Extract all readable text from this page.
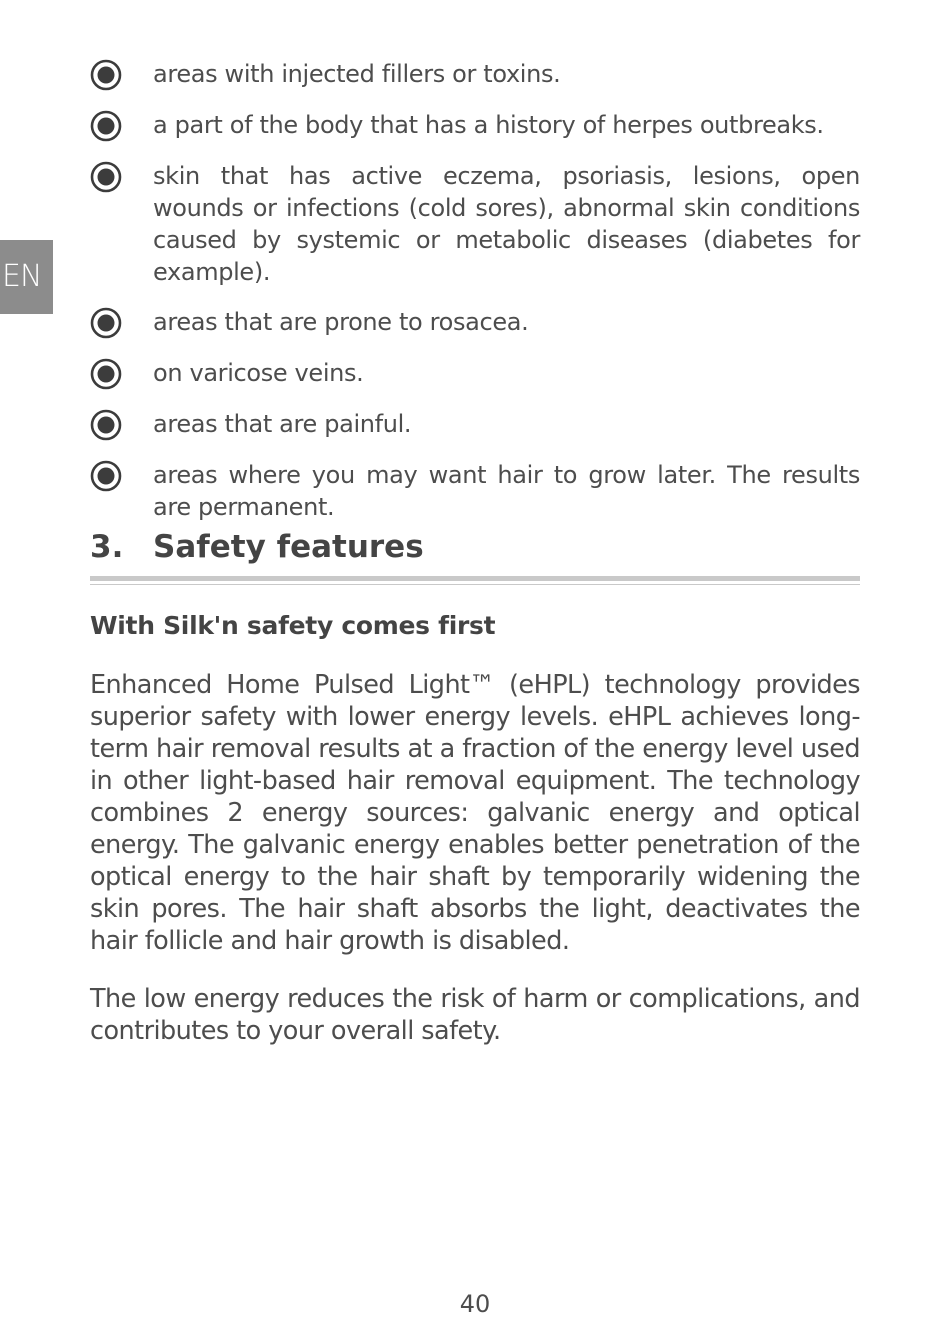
EN
areas with injected fillers or toxins.
a part of the body that has a history of herpes outbreaks.
skin that has active eczema, psoriasis, lesions, open wounds or infections (cold sores), abnormal skin conditions caused by systemic or metabolic diseases (diabetes for example).
areas that are prone to rosacea.
on varicose veins.
areas that are painful.
areas where you may want hair to grow later. The results are permanent.
3. Safety features
With Silk'n safety comes first

Enhanced Home Pulsed Light™ (eHPL) technology provides superior safety with lower energy levels. eHPL achieves long-term hair removal results at a fraction of the energy level used in other light-based hair removal equipment. The technology combines 2 energy sources: galvanic energy and optical energy. The galvanic energy enables better penetration of the optical energy to the hair shaft by temporarily widening the skin pores. The hair shaft absorbs the light, deactivates the hair follicle and hair growth is disabled.

The low energy reduces the risk of harm or complications, and contributes to your overall safety.

40
